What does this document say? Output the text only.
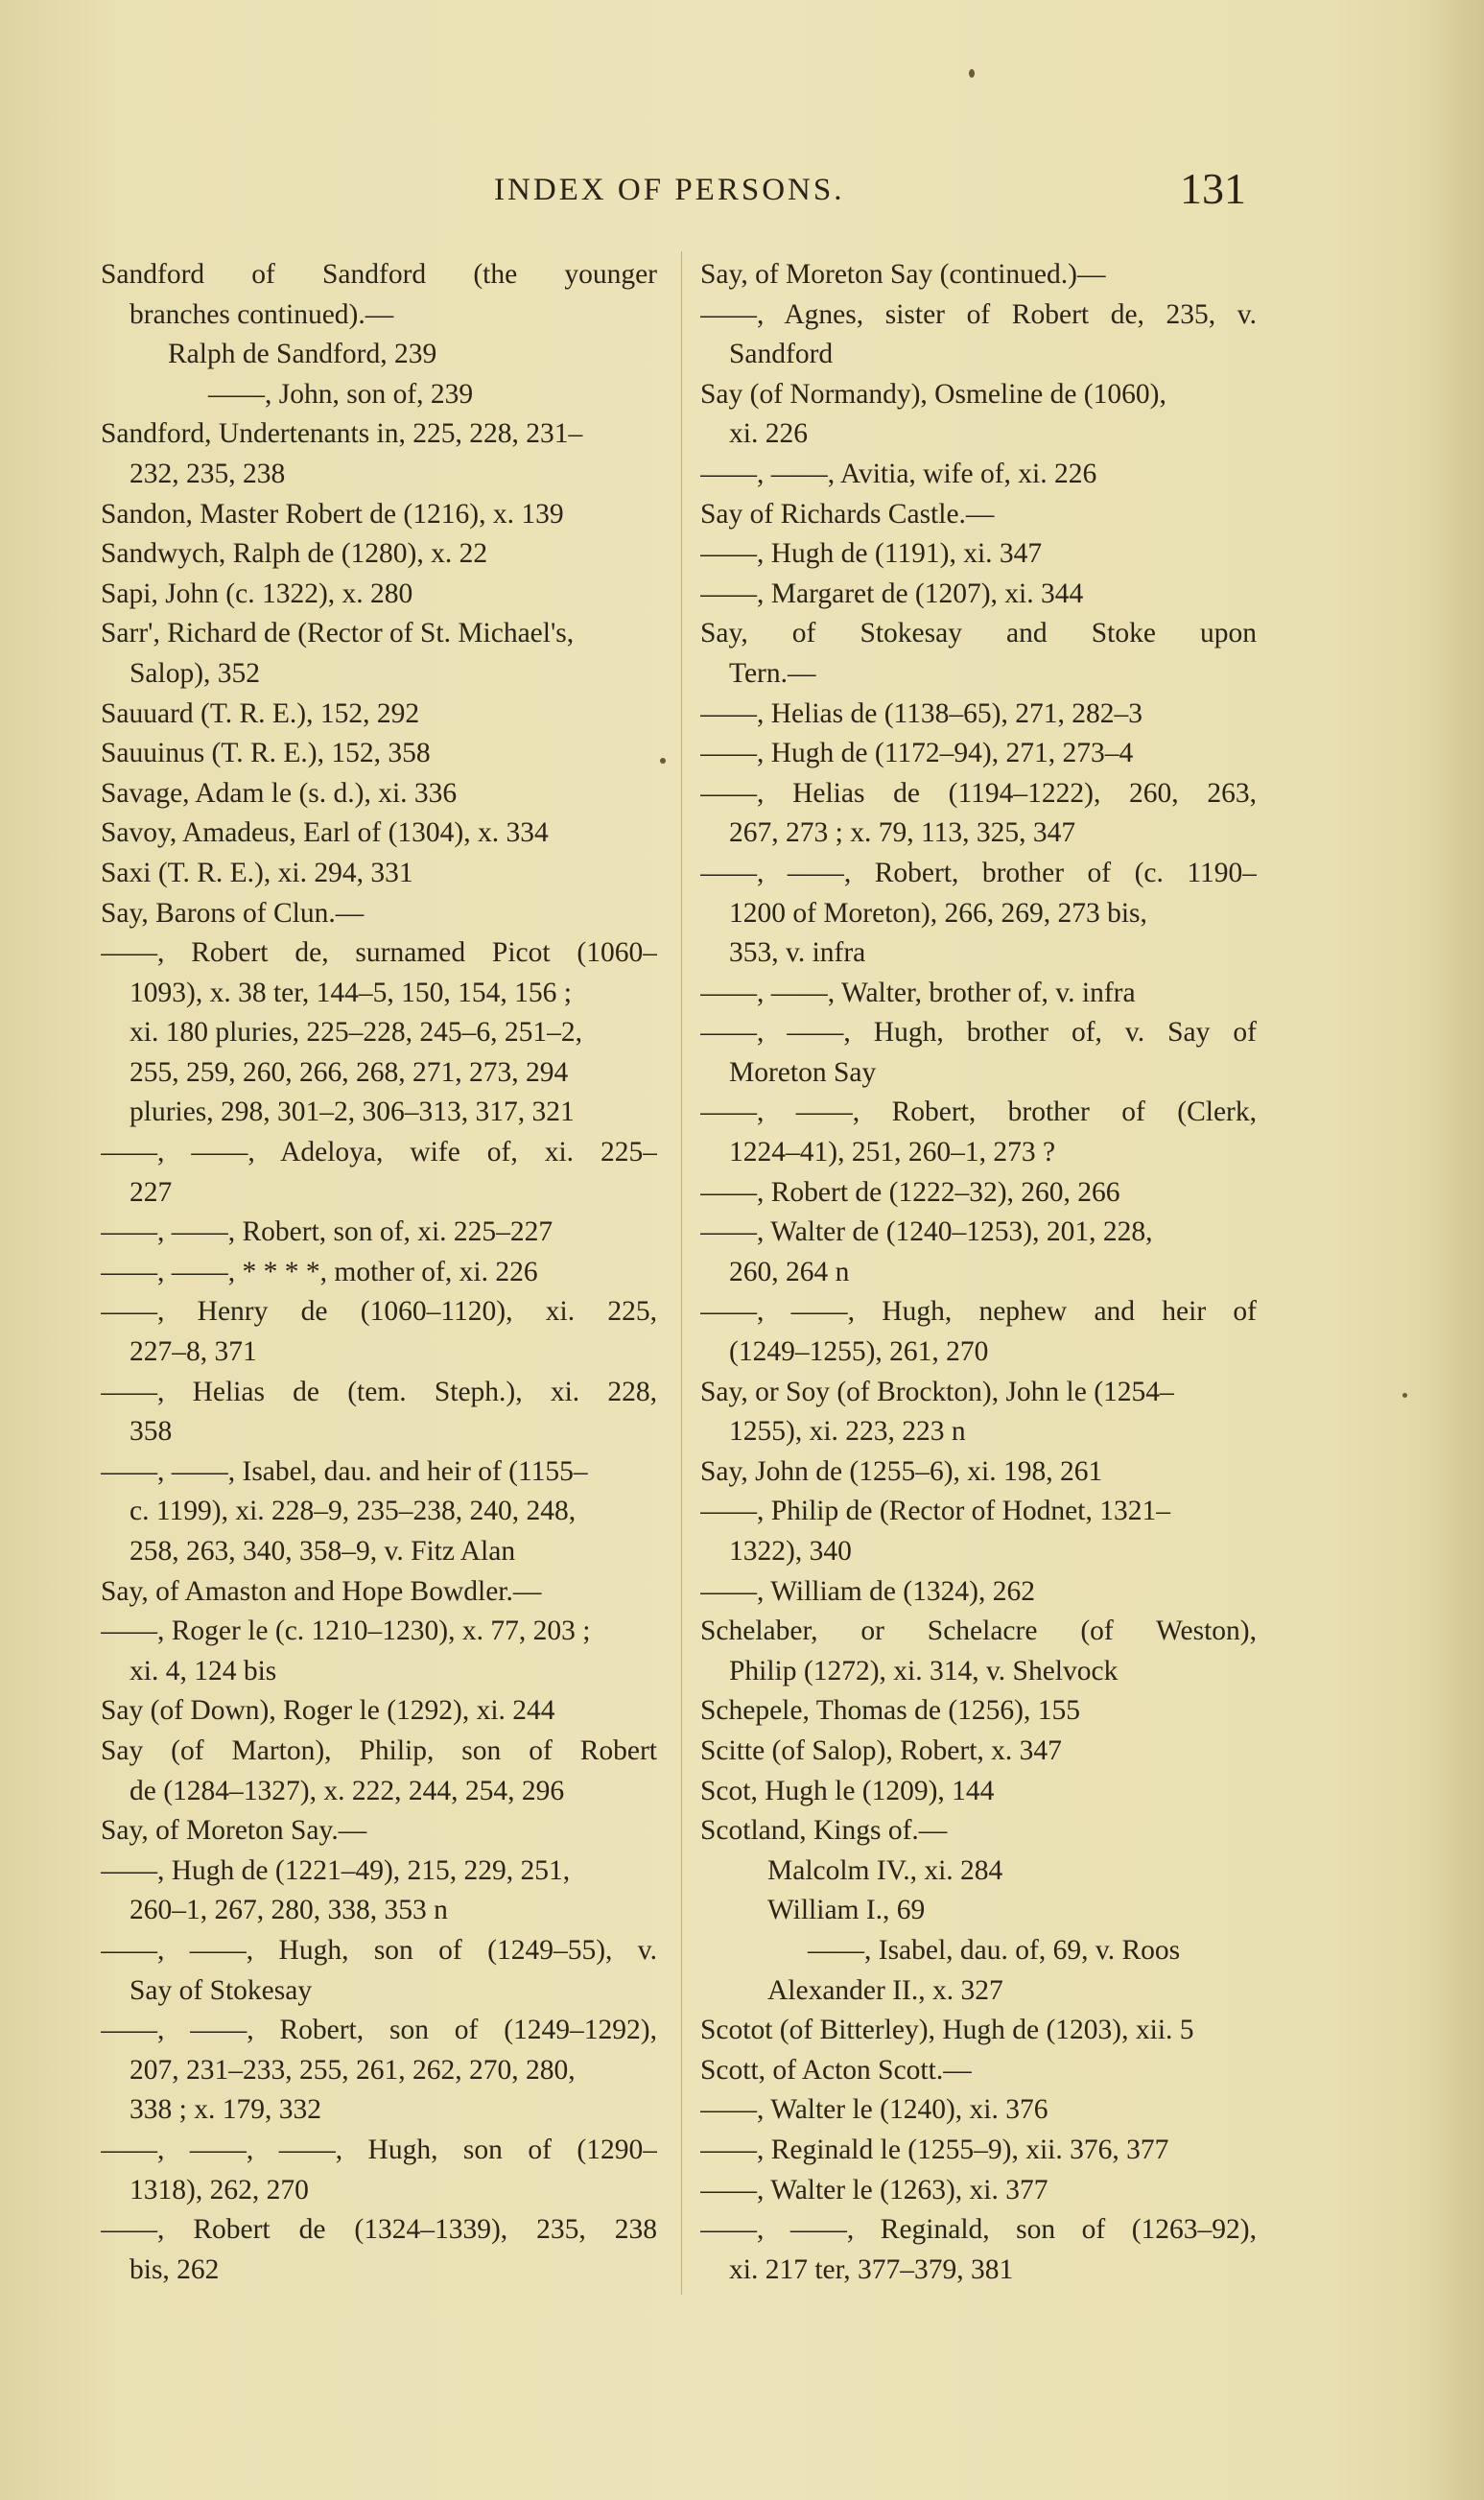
INDEX OF PERSONS.	131
Sandford of Sandford (the younger
branches continued).—
Ralph de Sandford, 239
——, John, son of, 239
Sandford, Undertenants in, 225, 228, 231–
232, 235, 238
Sandon, Master Robert de (1216), x. 139
Sandwych, Ralph de (1280), x. 22
Sapi, John (c. 1322), x. 280
Sarr', Richard de (Rector of St. Michael's,
Salop), 352
Sauuard (T. R. E.), 152, 292
Sauuinus (T. R. E.), 152, 358
Savage, Adam le (s. d.), xi. 336
Savoy, Amadeus, Earl of (1304), x. 334
Saxi (T. R. E.), xi. 294, 331
Say, Barons of Clun.—
——, Robert de, surnamed Picot (1060–
1093), x. 38 ter, 144–5, 150, 154, 156 ;
xi. 180 pluries, 225–228, 245–6, 251–2,
255, 259, 260, 266, 268, 271, 273, 294
pluries, 298, 301–2, 306–313, 317, 321
——, ——, Adeloya, wife of, xi. 225–
227
——, ——, Robert, son of, xi. 225–227
——, ——, * * * *, mother of, xi. 226
——, Henry de (1060–1120), xi. 225,
227–8, 371
——, Helias de (tem. Steph.), xi. 228,
358
——, ——, Isabel, dau. and heir of (1155–
c. 1199), xi. 228–9, 235–238, 240, 248,
258, 263, 340, 358–9, v. Fitz Alan
Say, of Amaston and Hope Bowdler.—
——, Roger le (c. 1210–1230), x. 77, 203 ;
xi. 4, 124 bis
Say (of Down), Roger le (1292), xi. 244
Say (of Marton), Philip, son of Robert
de (1284–1327), x. 222, 244, 254, 296
Say, of Moreton Say.—
——, Hugh de (1221–49), 215, 229, 251,
260–1, 267, 280, 338, 353 n
——, ——, Hugh, son of (1249–55), v.
Say of Stokesay
——, ——, Robert, son of (1249–1292),
207, 231–233, 255, 261, 262, 270, 280,
338 ; x. 179, 332
——, ——, ——, Hugh, son of (1290–
1318), 262, 270
——, Robert de (1324–1339), 235, 238
bis, 262
Say, of Moreton Say (continued.)—
——, Agnes, sister of Robert de, 235, v.
Sandford
Say (of Normandy), Osmeline de (1060),
xi. 226
——, ——, Avitia, wife of, xi. 226
Say of Richards Castle.—
——, Hugh de (1191), xi. 347
——, Margaret de (1207), xi. 344
Say, of Stokesay and Stoke upon
Tern.—
——, Helias de (1138–65), 271, 282–3
——, Hugh de (1172–94), 271, 273–4
——, Helias de (1194–1222), 260, 263,
267, 273 ; x. 79, 113, 325, 347
——, ——, Robert, brother of (c. 1190–
1200 of Moreton), 266, 269, 273 bis,
353, v. infra
——, ——, Walter, brother of, v. infra
——, ——, Hugh, brother of, v. Say of
Moreton Say
——, ——, Robert, brother of (Clerk,
1224–41), 251, 260–1, 273 ?
——, Robert de (1222–32), 260, 266
——, Walter de (1240–1253), 201, 228,
260, 264 n
——, ——, Hugh, nephew and heir of
(1249–1255), 261, 270
Say, or Soy (of Brockton), John le (1254–
1255), xi. 223, 223 n
Say, John de (1255–6), xi. 198, 261
——, Philip de (Rector of Hodnet, 1321–
1322), 340
——, William de (1324), 262
Schelaber, or Schelacre (of Weston),
Philip (1272), xi. 314, v. Shelvock
Schepele, Thomas de (1256), 155
Scitte (of Salop), Robert, x. 347
Scot, Hugh le (1209), 144
Scotland, Kings of.—
Malcolm IV., xi. 284
William I., 69
——, Isabel, dau. of, 69, v. Roos
Alexander II., x. 327
Scotot (of Bitterley), Hugh de (1203), xii. 5
Scott, of Acton Scott.—
——, Walter le (1240), xi. 376
——, Reginald le (1255–9), xii. 376, 377
——, Walter le (1263), xi. 377
——, ——, Reginald, son of (1263–92),
xi. 217 ter, 377–379, 381
